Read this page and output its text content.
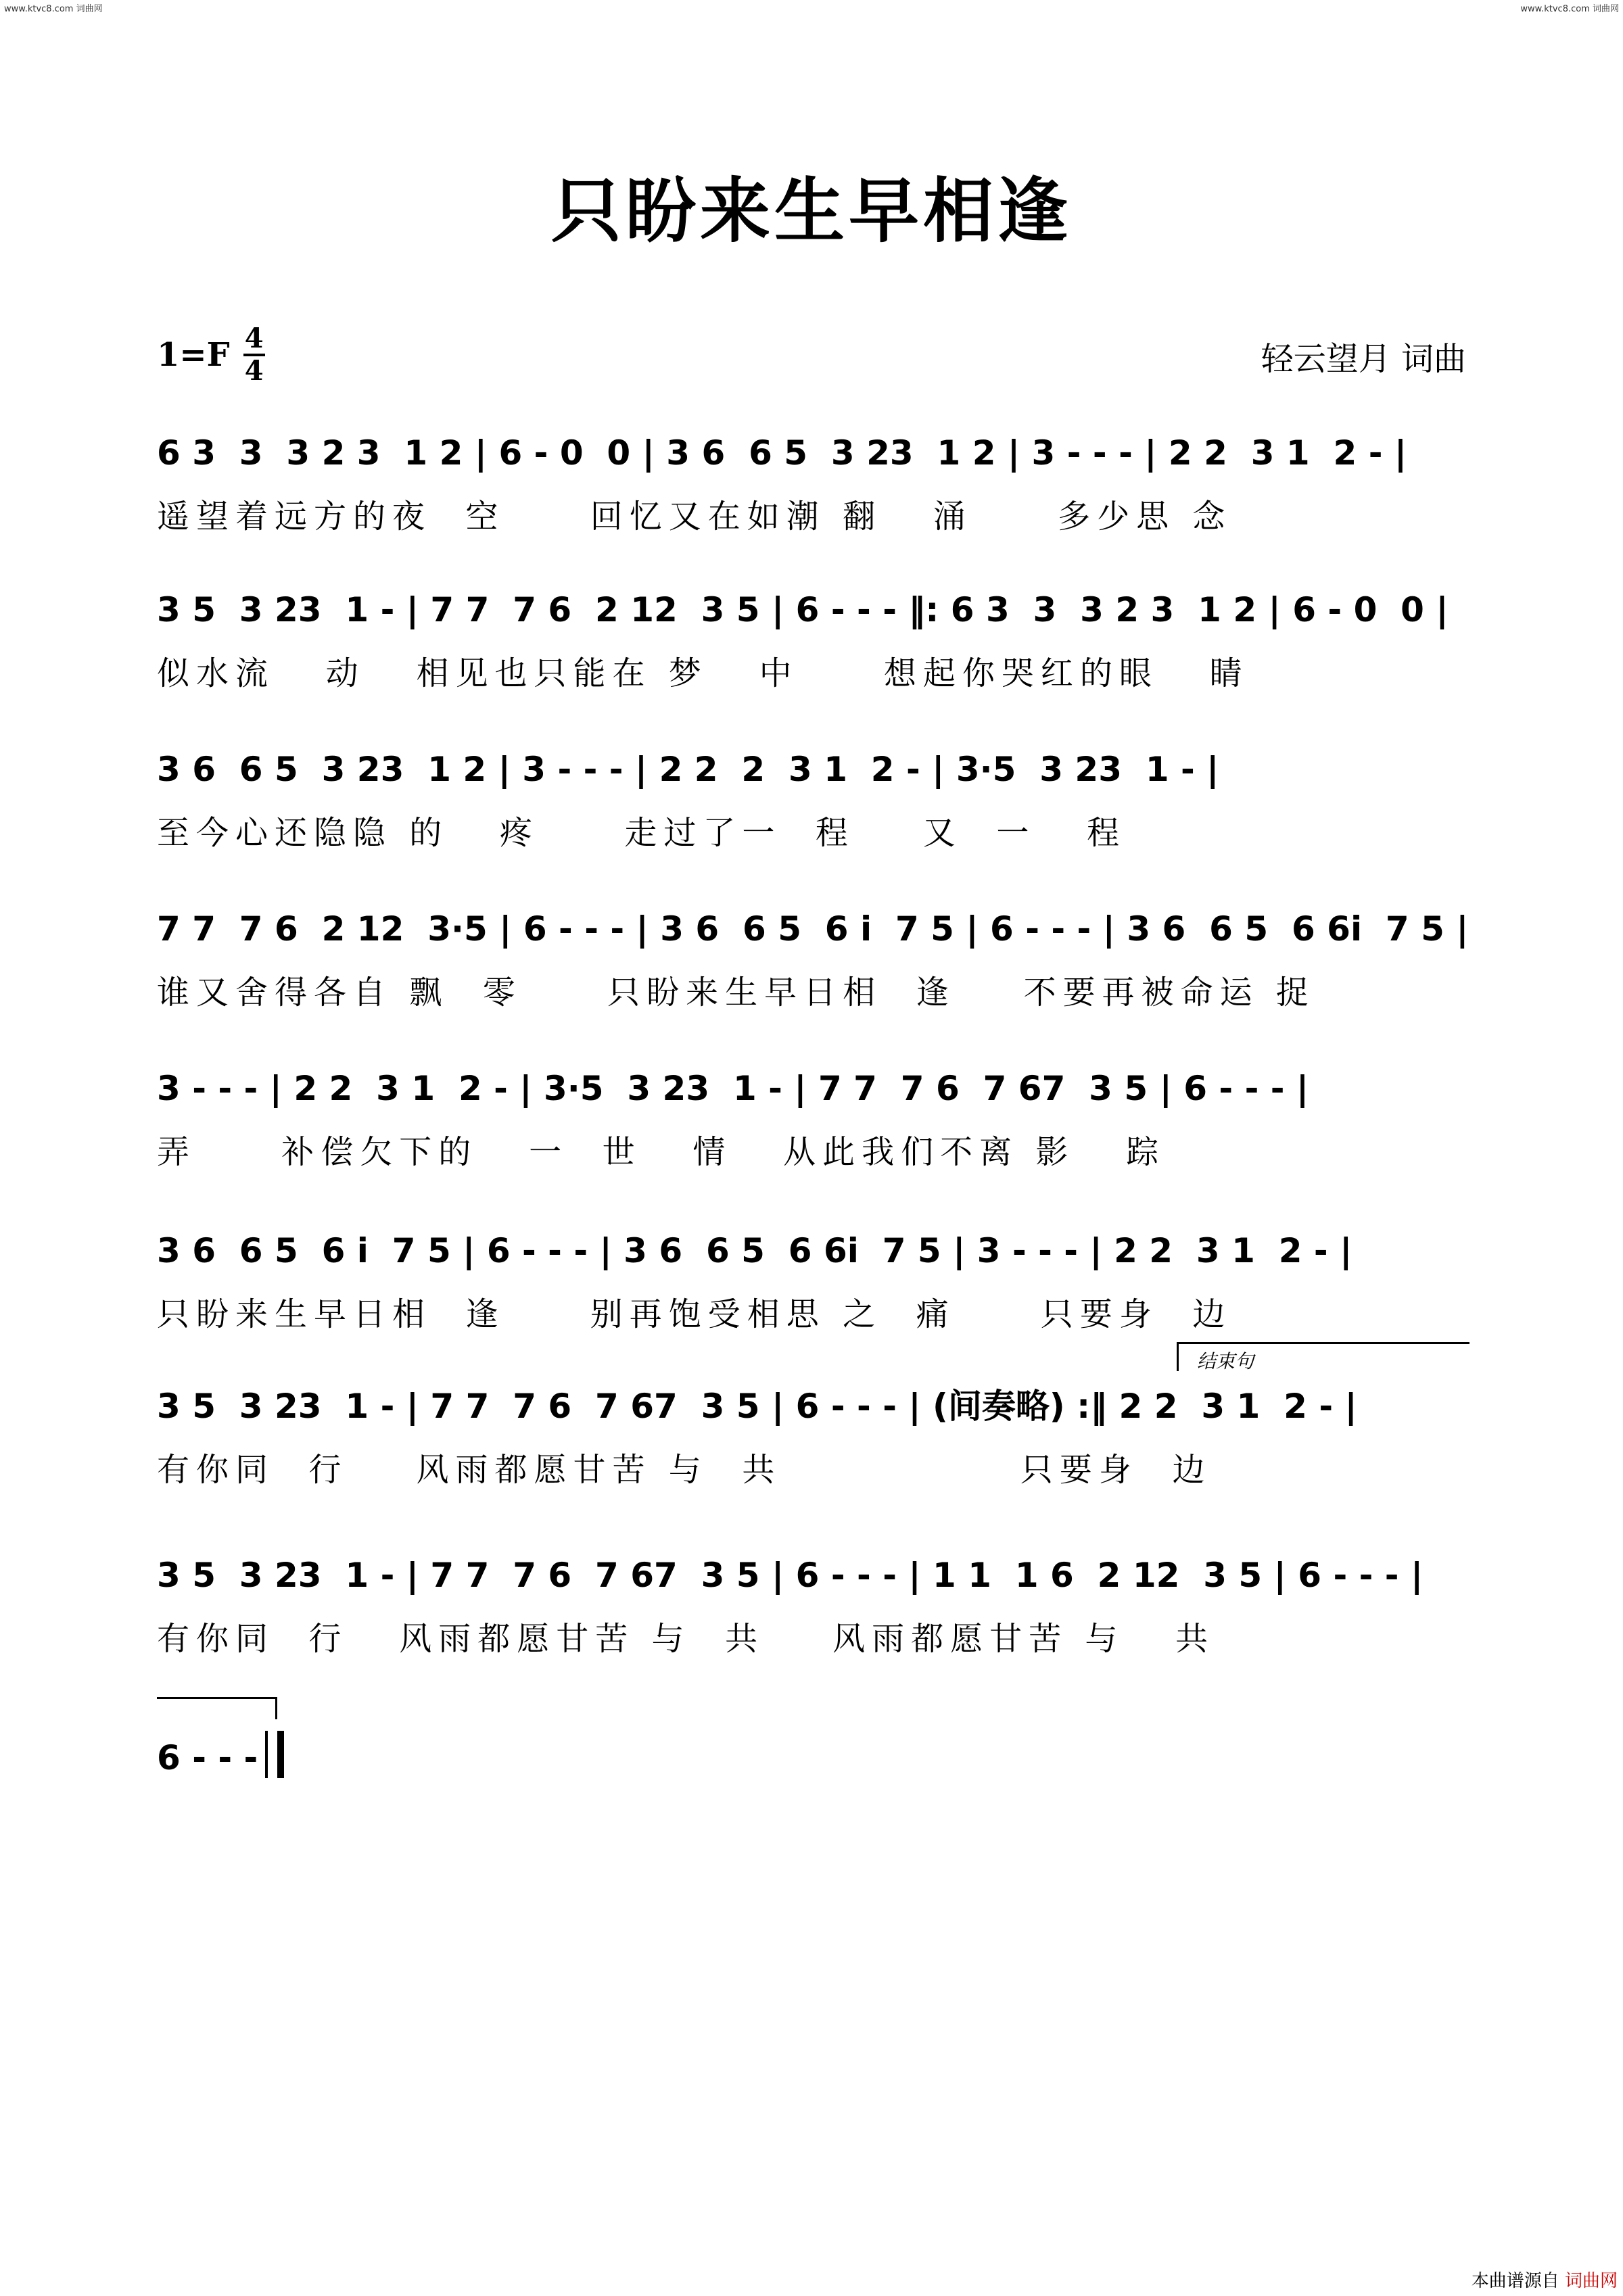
www.ktvc8.com 词曲网	www.ktvc8.com 词曲网
只盼来生早相逢
$1=F \frac{4}{4}$	轻云望月 词曲
6 3  3  3 2 3  1 2 | 6 - 0  0 | 3 6  6 5  3 23  1 2 | 3 - - - | 2 2  3 1  2 - |
遥望着远方的夜  空     回忆又在如潮 翻   涌     多少思 念
3 5  3 23  1 - | 7 7  7 6  2 12  3 5 | 6 - - - ‖: 6 3  3  3 2 3  1 2 | 6 - 0  0 |
似水流   动   相见也只能在 梦   中     想起你哭红的眼   睛
3 6  6 5  3 23  1 2 | 3 - - - | 2 2  2  3 1  2 - | 3·5  3 23  1 - |
至今心还隐隐 的   疼     走过了一  程    又  一   程
7 7  7 6  2 12  3·5 | 6 - - - | 3 6  6 5  6 i  7 5 | 6 - - - | 3 6  6 5  6 6i  7 5 |
谁又舍得各自 飘  零     只盼来生早日相  逢    不要再被命运 捉
3 - - - | 2 2  3 1  2 - | 3·5  3 23  1 - | 7 7  7 6  7 67  3 5 | 6 - - - |
弄     补偿欠下的   一  世   情   从此我们不离 影   踪
3 6  6 5  6 i  7 5 | 6 - - - | 3 6  6 5  6 6i  7 5 | 3 - - - | 2 2  3 1  2 - |
只盼来生早日相  逢     别再饱受相思 之  痛     只要身  边
结束句
3 5  3 23  1 - | 7 7  7 6  7 67  3 5 | 6 - - - | (间奏略) :‖ 2 2  3 1  2 - |
有你同  行    风雨都愿甘苦 与  共              只要身  边
3 5  3 23  1 - | 7 7  7 6  7 67  3 5 | 6 - - - | 1 1  1 6  2 12  3 5 | 6 - - - |
有你同  行   风雨都愿甘苦 与  共    风雨都愿甘苦 与   共
6 - - -
本曲谱源自 词曲网
